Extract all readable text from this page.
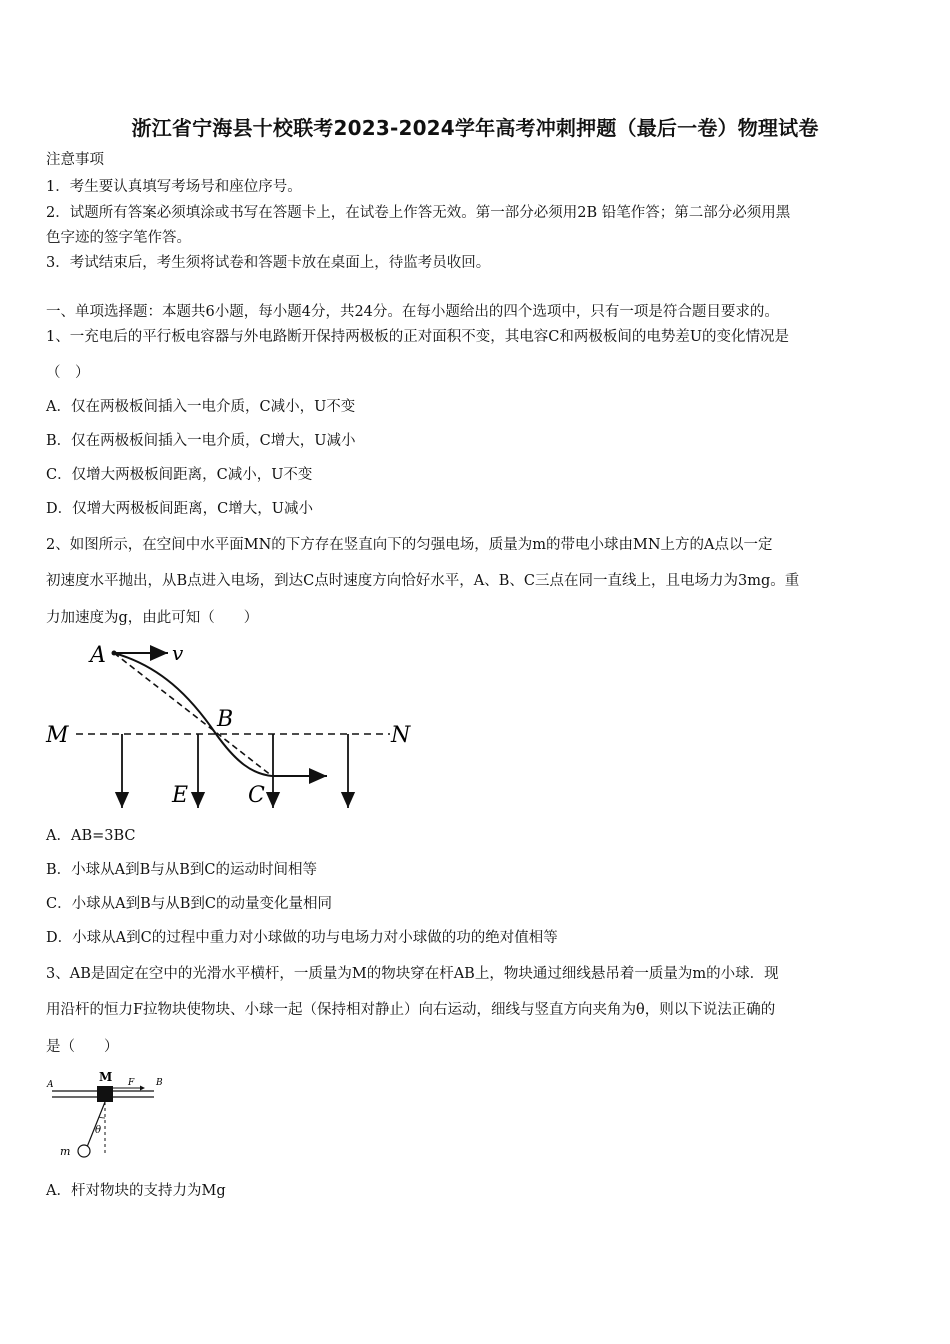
浙江省宁海县十校联考2023-2024学年高考冲刺押题（最后一卷）物理试卷
注意事项
1．考生要认真填写考场号和座位序号。
2．试题所有答案必须填涂或书写在答题卡上，在试卷上作答无效。第一部分必须用2B 铅笔作答；第二部分必须用黑
色字迹的签字笔作答。
3．考试结束后，考生须将试卷和答题卡放在桌面上，待监考员收回。
一、单项选择题：本题共6小题，每小题4分，共24分。在每小题给出的四个选项中，只有一项是符合题目要求的。
1、一充电后的平行板电容器与外电路断开保持两极板的正对面积不变，其电容C和两极板间的电势差U的变化情况是
（　）
A．仅在两极板间插入一电介质，C减小，U不变
B．仅在两极板间插入一电介质，C增大，U减小
C．仅增大两极板间距离，C减小，U不变
D．仅增大两极板间距离，C增大，U减小
2、如图所示，在空间中水平面MN的下方存在竖直向下的匀强电场，质量为m的带电小球由MN上方的A点以一定
初速度水平抛出，从B点进入电场，到达C点时速度方向恰好水平，A、B、C三点在同一直线上，且电场力为3mg。重
力加速度为g，由此可知（　　）
A	v
B
M	N
E	C
A．AB=3BC
B．小球从A到B与从B到C的运动时间相等
C．小球从A到B与从B到C的动量变化量相同
D．小球从A到C的过程中重力对小球做的功与电场力对小球做的功的绝对值相等
3、AB是固定在空中的光滑水平横杆，一质量为M的物块穿在杆AB上，物块通过细线悬吊着一质量为m的小球．现
用沿杆的恒力F拉物块使物块、小球一起（保持相对静止）向右运动，细线与竖直方向夹角为θ，则以下说法正确的
是（　　）
A
M F B
θ
m
A．杆对物块的支持力为Mg
